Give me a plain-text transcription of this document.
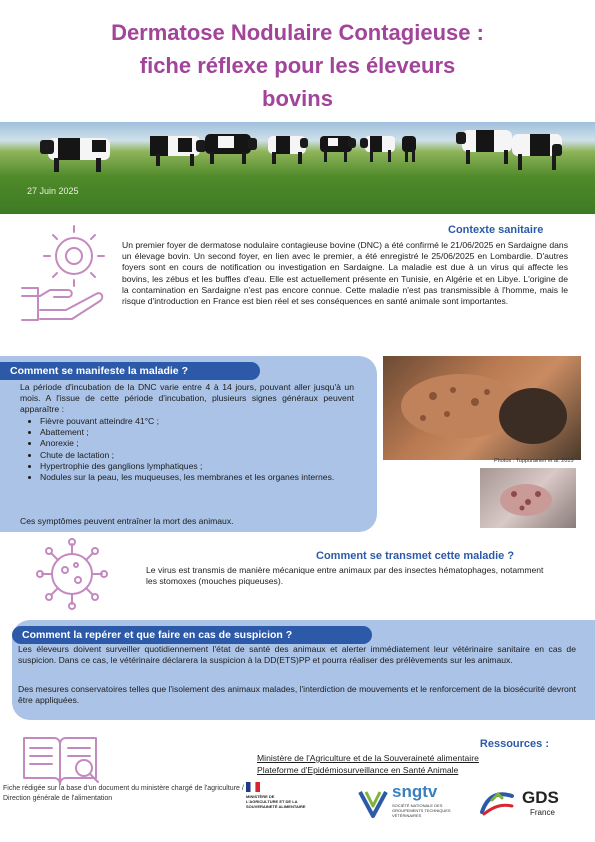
Dermatose Nodulaire Contagieuse :
fiche réflexe pour les éleveurs
bovins
27 Juin 2025
Contexte sanitaire
Un premier foyer de dermatose nodulaire contagieuse bovine (DNC) a été confirmé le 21/06/2025 en Sardaigne dans un élevage bovin. Un second foyer, en lien avec le premier, a été enregistré le 25/06/2025 en Lombardie. D'autres foyers sont en cours de notification ou investigation en Sardaigne. La maladie est due à un virus qui affecte les bovins, les zébus et les buffles d'eau. Elle est actuellement présente en Tunisie, en Algérie et en Libye. L'origine de la contamination en Sardaigne n'est pas encore connue. Cette maladie n'est pas transmissible à l'homme, mais le risque d'introduction en France est bien réel et ses conséquences en santé animale sont importantes.
Comment se manifeste la maladie ?
La période d'incubation de la DNC varie entre 4 à 14 jours, pouvant aller jusqu'à un mois. A l'issue de cette période d'incubation, plusieurs signes généraux peuvent apparaître :
• Fièvre pouvant atteindre 41°C ;
• Abattement ;
• Anorexie ;
• Chute de lactation ;
• Hypertrophie des ganglions lymphatiques ;
• Nodules sur la peau, les muqueuses, les membranes et les organes internes.
Ces symptômes peuvent entraîner la mort des animaux.
Photos : Tuppurainen et al. 2015
Comment se transmet cette maladie ?
Le virus est transmis de manière mécanique entre animaux par des insectes hématophages, notamment les stomoxes (mouches piqueuses).
Comment la repérer et que faire en cas de suspicion ?
Les éleveurs doivent surveiller quotidiennement l'état de santé des animaux et alerter immédiatement leur vétérinaire sanitaire en cas de suspicion. Dans ce cas, le vétérinaire déclarera la suspicion à la DD(ETS)PP et pourra réaliser des prélèvements sur les animaux.
Des mesures conservatoires telles que l'isolement des animaux malades, l'interdiction de mouvements et le renforcement de la biosécurité devront être appliquées.
Ressources :
Ministère de l'Agriculture et de la Souveraineté alimentaire
Plateforme d'Epidémiosurveillance en Santé Animale
Fiche rédigée sur la base d'un document du ministère chargé de l'agriculture / Direction générale de l'alimentation	MINISTÈRE DE L'AGRICULTURE ET DE LA SOUVERAINETÉ ALIMENTAIRE
sngtv
SOCIÉTÉ NATIONALE DES GROUPEMENTS TECHNIQUES VÉTÉRINAIRES
GDS
France
